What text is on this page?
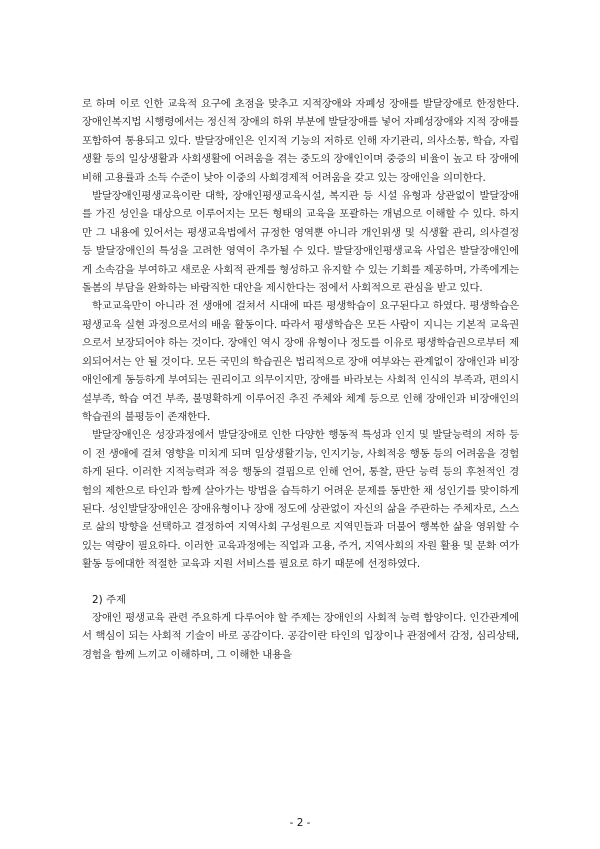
로 하며 이로 인한 교육적 요구에 초점을 맞추고 지적장애와 자폐성 장애를 발달장애로 한정한다. 장애인복지법 시행령에서는 정신적 장애의 하위 부분에 발달장애를 넣어 자폐성장애와 지적 장애를 포함하여 통용되고 있다. 발달장애인은 인지적 기능의 저하로 인해 자기관리, 의사소통, 학습, 자립생활 등의 일상생활과 사회생활에 어려움을 겪는 중도의 장애인이며 중증의 비율이 높고 타 장애에 비해 고용률과 소득 수준이 낮아 이중의 사회경제적 어려움을 갖고 있는 장애인을 의미한다.

발달장애인평생교육이란 대학, 장애인평생교육시설, 복지관 등 시설 유형과 상관없이 발달장애를 가진 성인을 대상으로 이루어지는 모든 형태의 교육을 포괄하는 개념으로 이해할 수 있다. 하지만 그 내용에 있어서는 평생교육법에서 규정한 영역뿐 아니라 개인위생 및 식생활 관리, 의사결정 등 발달장애인의 특성을 고려한 영역이 추가될 수 있다. 발달장애인평생교육 사업은 발달장애인에게 소속감을 부여하고 새로운 사회적 관계를 형성하고 유지할 수 있는 기회를 제공하며, 가족에게는 돌봄의 부담을 완화하는 바람직한 대안을 제시한다는 점에서 사회적으로 관심을 받고 있다.

학교교육만이 아니라 전 생애에 걸쳐서 시대에 따른 평생학습이 요구된다고 하였다. 평생학습은 평생교육 실현 과정으로서의 배움 활동이다. 따라서 평생학습은 모든 사람이 지니는 기본적 교육권으로서 보장되어야 하는 것이다. 장애인 역시 장애 유형이나 정도를 이유로 평생학습권으로부터 제외되어서는 안 될 것이다. 모든 국민의 학습권은 법리적으로 장애 여부와는 관계없이 장애인과 비장애인에게 동등하게 부여되는 권리이고 의무이지만, 장애를 바라보는 사회적 인식의 부족과, 편의시설부족, 학습 여건 부족, 불명확하게 이루어진 추진 주체와 체계 등으로 인해 장애인과 비장애인의 학습권의 불평등이 존재한다.

발달장애인은 성장과정에서 발달장애로 인한 다양한 행동적 특성과 인지 및 발달능력의 저하 등이 전 생애에 걸쳐 영향을 미치게 되며 일상생활기능, 인지기능, 사회적응 행동 등의 어려움을 경험하게 된다. 이러한 지적능력과 적응 행동의 결핍으로 인해 언어, 통찰, 판단 능력 등의 후천적인 경험의 제한으로 타인과 함께 살아가는 방법을 습득하기 어려운 문제를 동반한 채 성인기를 맞이하게 된다. 성인발달장애인은 장애유형이나 장애 정도에 상관없이 자신의 삶을 주관하는 주체자로, 스스로 삶의 방향을 선택하고 결정하여 지역사회 구성원으로 지역민들과 더불어 행복한 삶을 영위할 수 있는 역량이 필요하다. 이러한 교육과정에는 직업과 고용, 주거, 지역사회의 자원 활용 및 문화 여가활동 등에대한 적절한 교육과 지원 서비스를 필요로 하기 때문에 선정하였다.

2) 주제

장애인 평생교육 관련 주요하게 다루어야 할 주제는 장애인의 사회적 능력 함양이다. 인간관계에서 핵심이 되는 사회적 기술이 바로 공감이다. 공감이란 타인의 입장이나 관점에서 감정, 심리상태, 경험을 함께 느끼고 이해하며, 그 이해한 내용을

- 2 -
